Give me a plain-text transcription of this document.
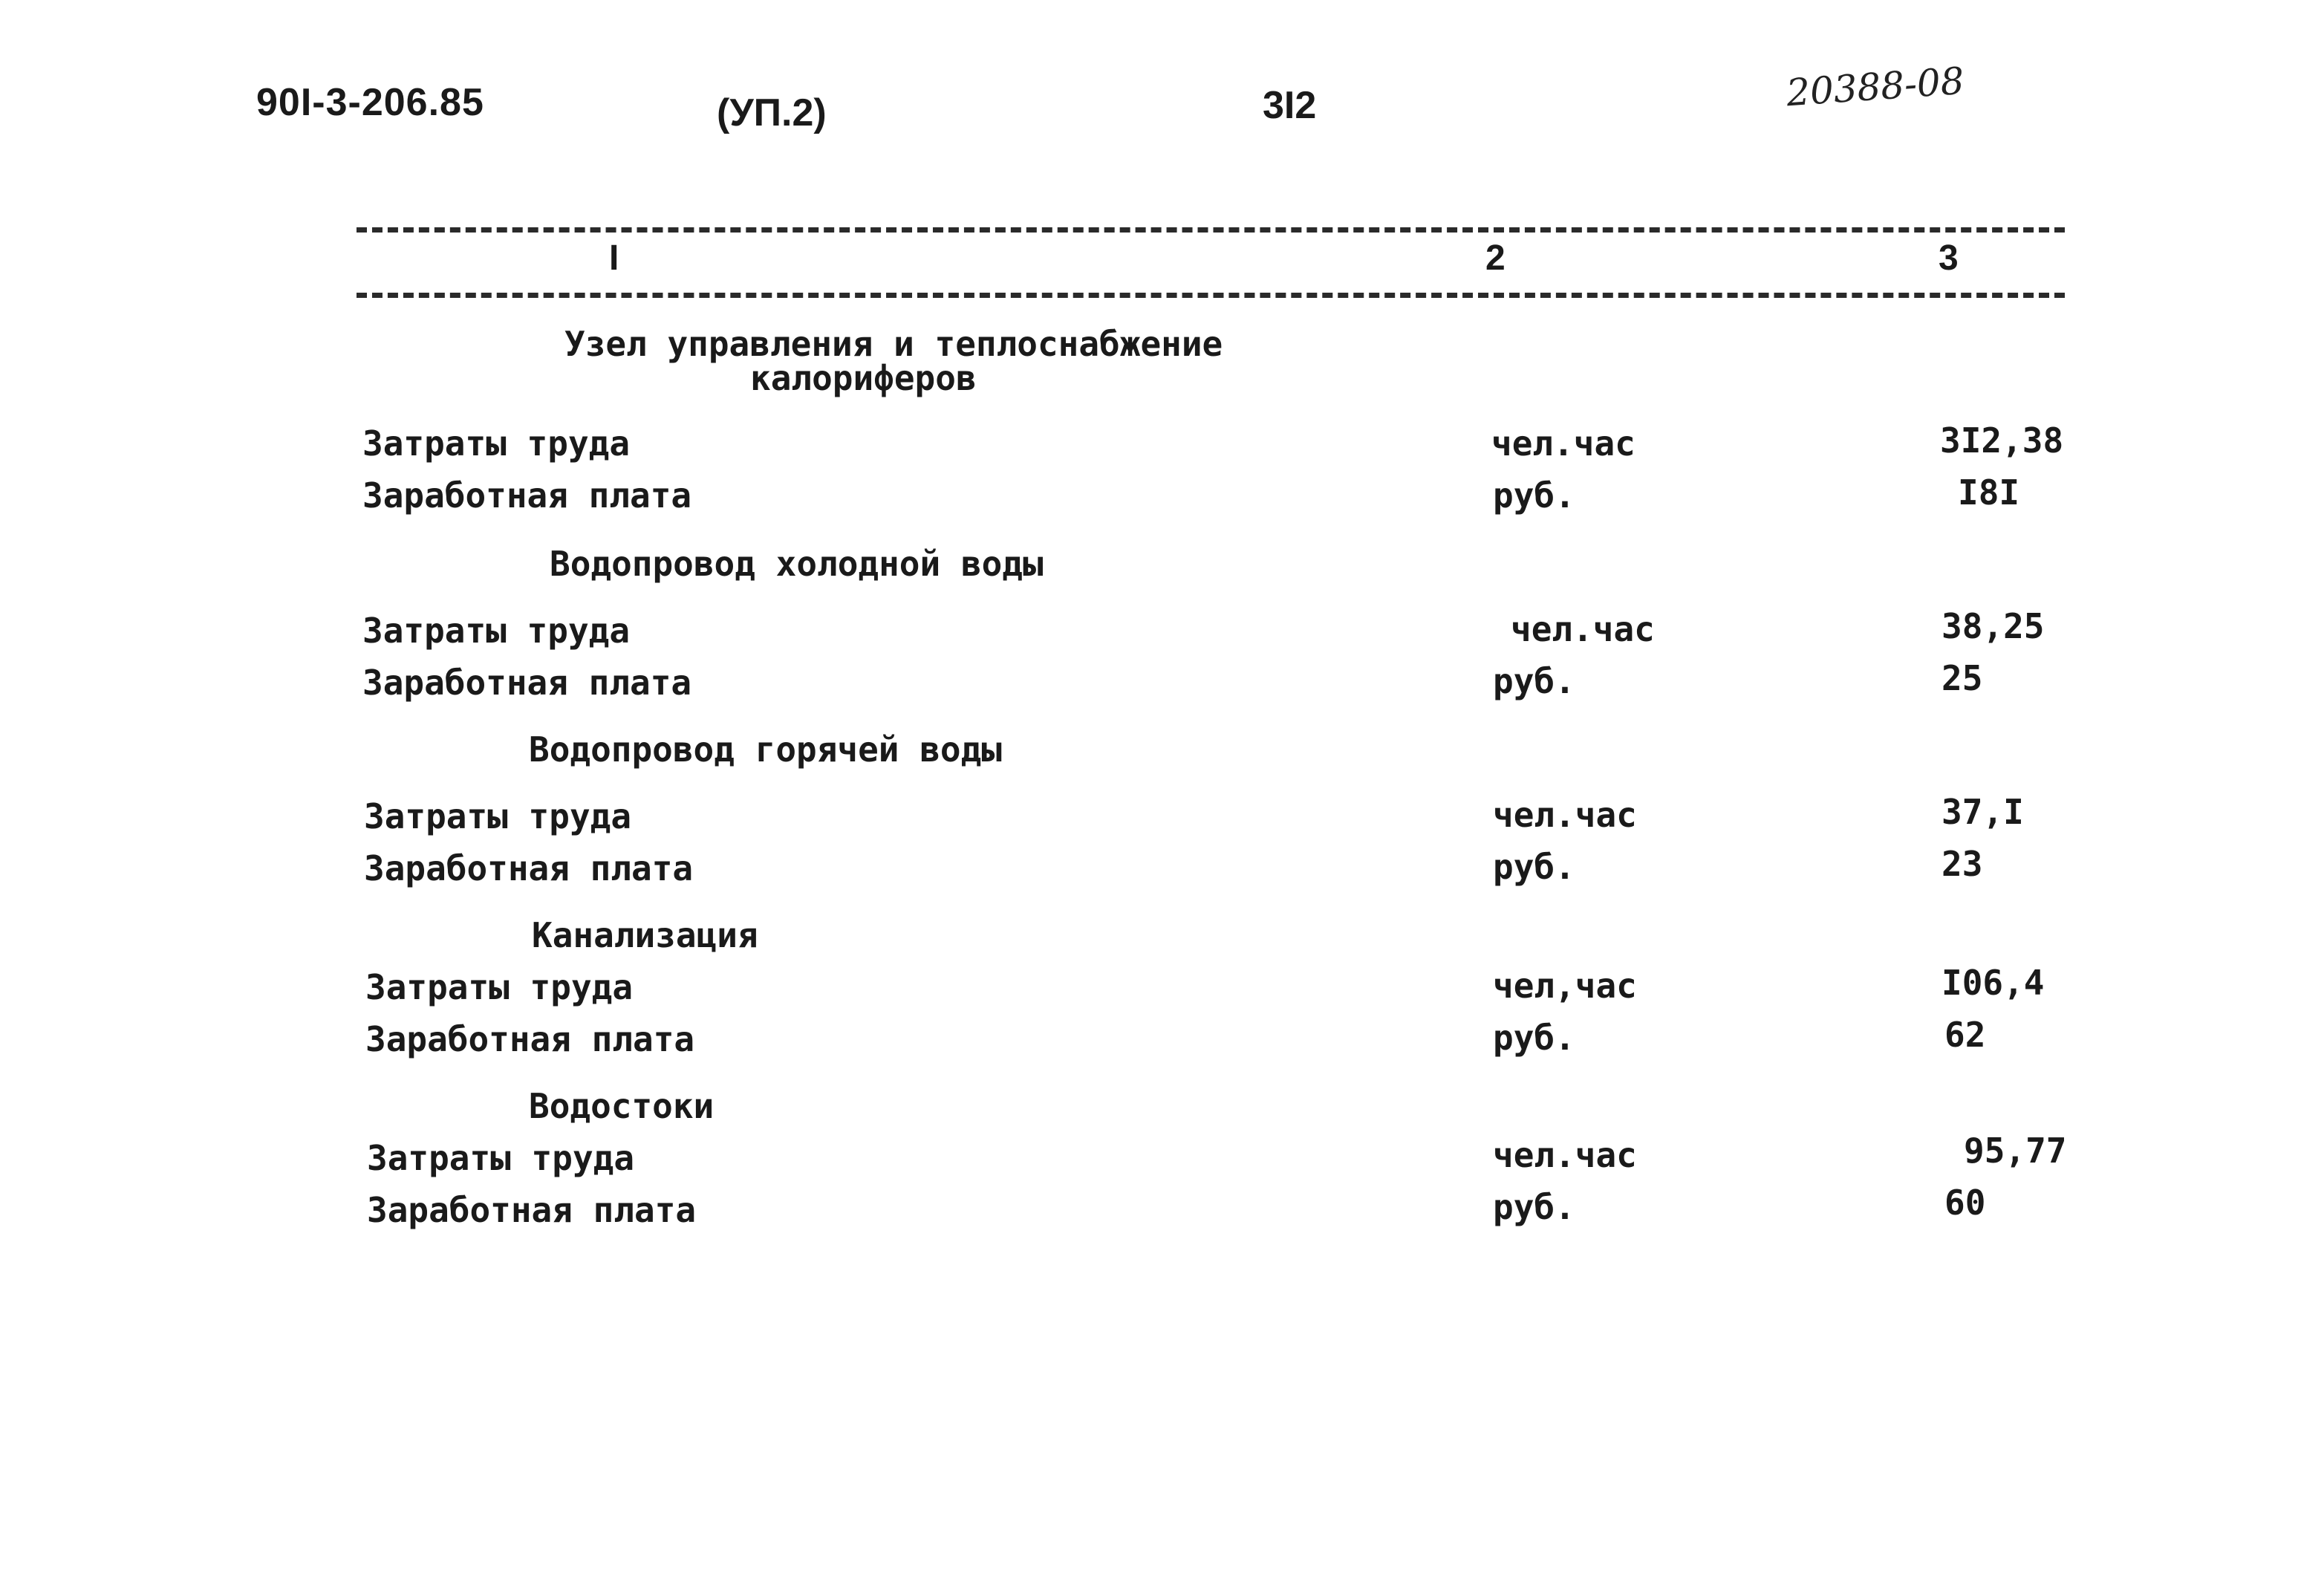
90I-3-206.85	(УП.2)	3I2	20388-08
I	2	3
Узел управления и теплоснабжение
калориферов
Затраты труда	чел.час	3I2,38
Заработная плата	руб.	I8I
Водопровод холодной воды
Затраты труда	чел.час	38,25
Заработная плата	руб.	25
Водопровод горячей воды
Затраты труда	чел.час	37,I
Заработная плата	руб.	23
Канализация
Затраты труда	чел,час	I06,4
Заработная плата	руб.	62
Водостоки
Затраты труда	чел.час	95,77
Заработная плата	руб.	60
